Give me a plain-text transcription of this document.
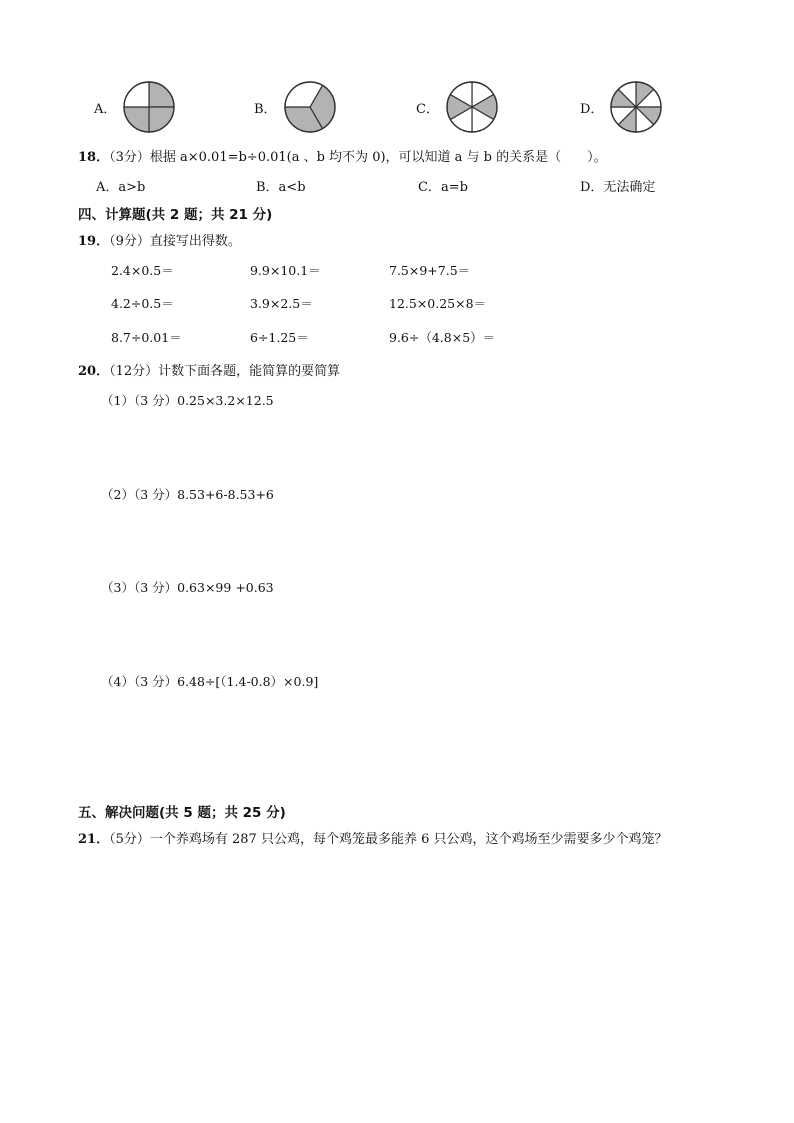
A．	B．	C．	D．
18．（3分）根据 a×0.01=b÷0.01(a 、b 均不为 0)，可以知道 a 与 b 的关系是（　　）。
A．a>b	B．a<b	C．a=b	D．无法确定
四、计算题(共 2 题；共 21 分)
19．（9分）直接写出得数。
2.4×0.5＝	9.9×10.1＝	7.5×9+7.5＝
4.2÷0.5＝	3.9×2.5＝	12.5×0.25×8＝
8.7÷0.01＝	6÷1.25＝	9.6÷（4.8×5）＝
20．（12分）计数下面各题，能简算的要简算
（1）（3 分）0.25×3.2×12.5
（2）（3 分）8.53+6-8.53+6
（3）（3 分）0.63×99 +0.63
（4）（3 分）6.48÷[（1.4-0.8）×0.9]
五、解决问题(共 5 题；共 25 分)
21．（5分）一个养鸡场有 287 只公鸡，每个鸡笼最多能养 6 只公鸡，这个鸡场至少需要多少个鸡笼？
